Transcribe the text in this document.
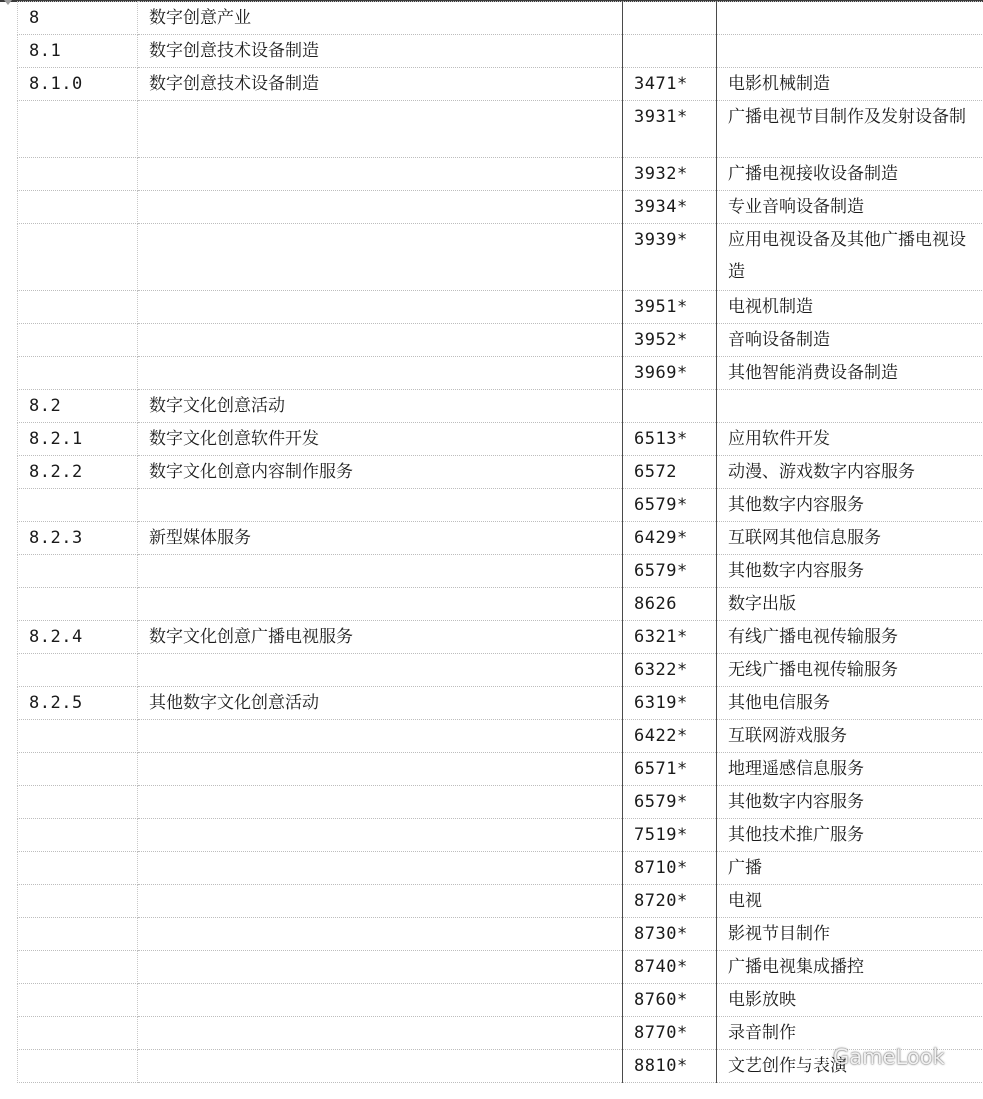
8	数字创意产业		
8.1	数字创意技术设备制造		
8.1.0	数字创意技术设备制造	3471*	电影机械制造
		3931*	广播电视节目制作及发射设备制
		3932*	广播电视接收设备制造
		3934*	专业音响设备制造
		3939*	应用电视设备及其他广播电视设
造

		3951*	电视机制造
		3952*	音响设备制造
		3969*	其他智能消费设备制造
8.2	数字文化创意活动		
8.2.1	数字文化创意软件开发	6513*	应用软件开发
8.2.2	数字文化创意内容制作服务	6572	动漫、游戏数字内容服务
		6579*	其他数字内容服务
8.2.3	新型媒体服务	6429*	互联网其他信息服务
		6579*	其他数字内容服务
		8626	数字出版
8.2.4	数字文化创意广播电视服务	6321*	有线广播电视传输服务
		6322*	无线广播电视传输服务
8.2.5	其他数字文化创意活动	6319*	其他电信服务
		6422*	互联网游戏服务
		6571*	地理遥感信息服务
		6579*	其他数字内容服务
		7519*	其他技术推广服务
		8710*	广播
		8720*	电视
		8730*	影视节目制作
		8740*	广播电视集成播控
		8760*	电影放映
		8770*	录音制作
		8810*	文艺创作与表演
GameLook
